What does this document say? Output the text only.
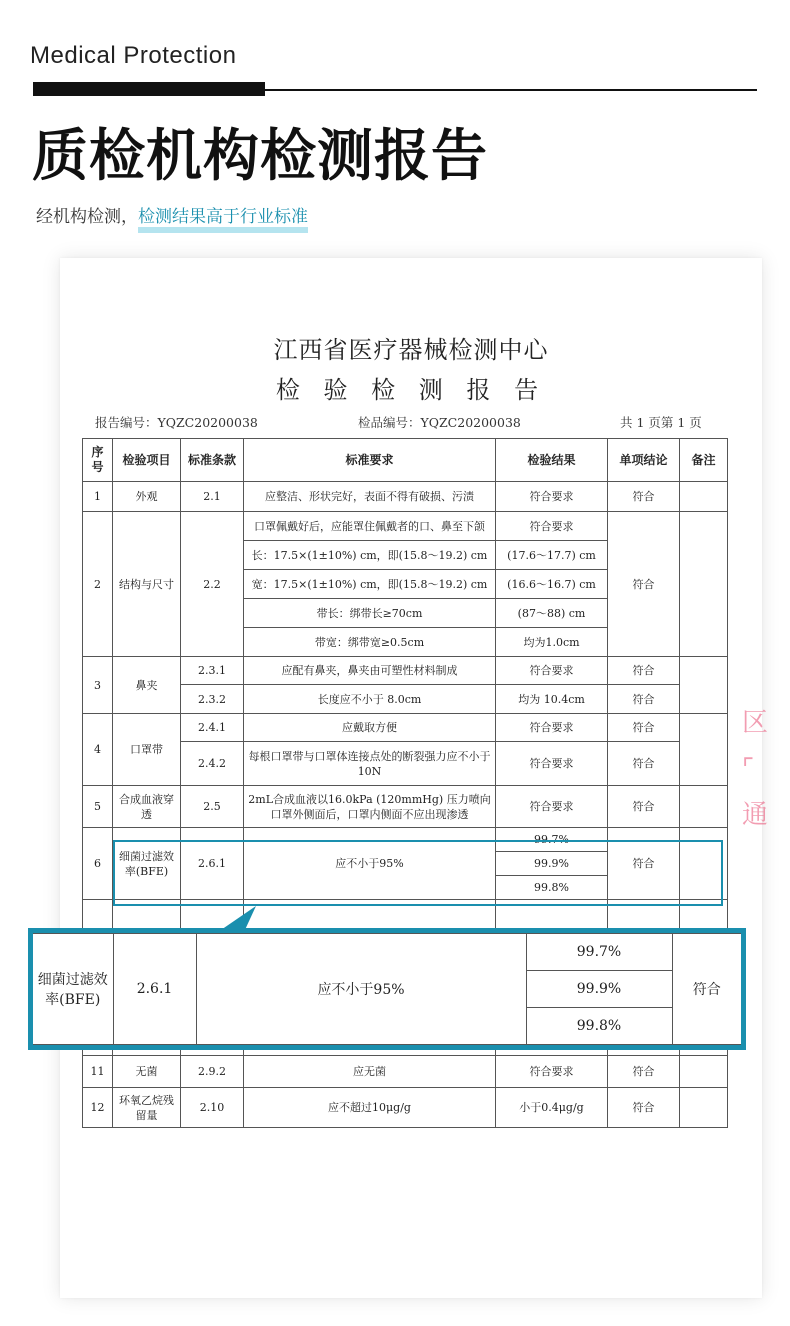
Medical Protection
质检机构检测报告
经机构检测，检测结果高于行业标准
江西省医疗器械检测中心
检 验 检 测 报 告
报告编号：YQZC20200038	检品编号：YQZC20200038	共 1 页第 1 页
序号	检验项目	标准条款	标准要求	检验结果	单项结论	备注
1	外观	2.1	应整洁、形状完好，表面不得有破损、污渍	符合要求	符合	
2	结构与尺寸	2.2	口罩佩戴好后，应能罩住佩戴者的口、鼻至下颌	符合要求	符合	
			长：17.5×(1±10%) cm，即(15.8～19.2) cm	(17.6～17.7) cm		
			宽：17.5×(1±10%) cm，即(15.8～19.2) cm	(16.6～16.7) cm		
			带长：绑带长≥70cm	(87～88) cm		
			带宽：绑带宽≥0.5cm	均为1.0cm		
3	鼻夹	2.3.1	应配有鼻夹，鼻夹由可塑性材料制成	符合要求	符合	
		2.3.2	长度应不小于 8.0cm	均为 10.4cm	符合	
4	口罩带	2.4.1	应戴取方便	符合要求	符合	
		2.4.2	每根口罩带与口罩体连接点处的断裂强力应不小于 10N	符合要求	符合	
5	合成血液穿透	2.5	2mL合成血液以16.0kPa (120mmHg) 压力喷向口罩外侧面后，口罩内侧面不应出现渗透	符合要求	符合	
6	细菌过滤效率(BFE)	2.6.1	应不小于95%	99.7%	符合	
				99.9%		
				99.8%		

11	无菌	2.9.2	应无菌	符合要求	符合	
12	环氧乙烷残留量	2.10	应不超过10μg/g	小于0.4μg/g	符合	
区
⌜
通
细菌过滤效率(BFE)	2.6.1	应不小于95%	99.7%	符合
99.9%
99.8%
